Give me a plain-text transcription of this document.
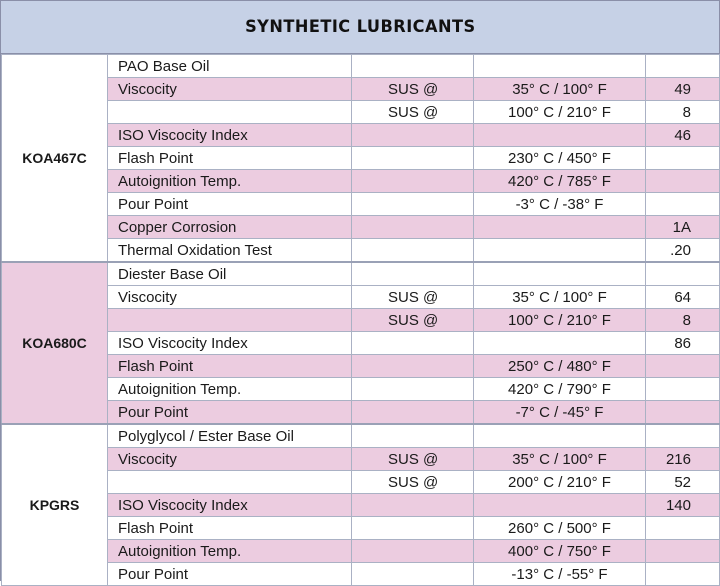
SYNTHETIC LUBRICANTS
KOA467C	PAO Base Oil			
	Viscocity	SUS @	35° C / 100° F	49
		SUS @	100° C / 210° F	8
	ISO Viscocity Index			46
	Flash Point		230° C / 450° F	
	Autoignition Temp.		420° C / 785° F	
	Pour Point		-3° C / -38° F	
	Copper Corrosion			1A
	Thermal Oxidation Test			.20
KOA680C	Diester Base Oil			
	Viscocity	SUS @	35° C / 100° F	64
		SUS @	100° C / 210° F	8
	ISO Viscocity Index			86
	Flash Point		250° C / 480° F	
	Autoignition Temp.		420° C / 790° F	
	Pour Point		-7° C / -45° F	
KPGRS	Polyglycol / Ester Base Oil			
	Viscocity	SUS @	35° C / 100° F	216
		SUS @	200° C / 210° F	52
	ISO Viscocity Index			140
	Flash Point		260° C / 500° F	
	Autoignition Temp.		400° C / 750° F	
	Pour Point		-13° C / -55° F	
